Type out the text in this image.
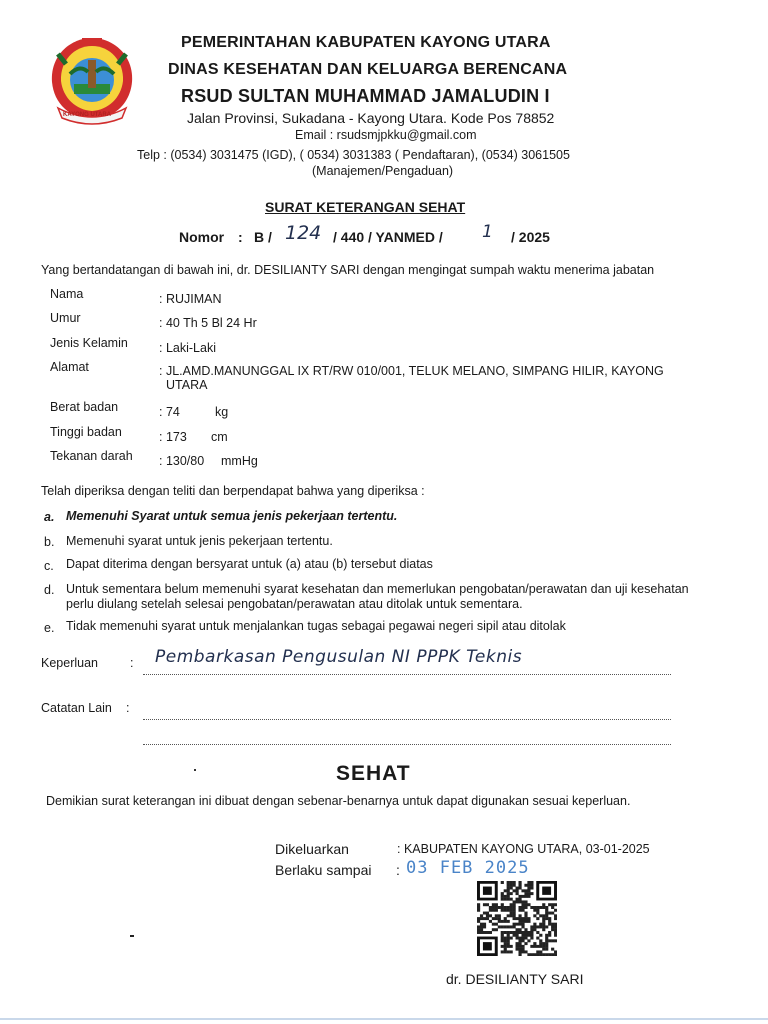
KAYONG UTARA
PEMERINTAHAN KABUPATEN KAYONG UTARA
DINAS KESEHATAN DAN KELUARGA BERENCANA
RSUD SULTAN MUHAMMAD JAMALUDIN I
Jalan Provinsi, Sukadana - Kayong Utara. Kode Pos 78852
Email : rsudsmjpkku@gmail.com
Telp : (0534) 3031475 (IGD), ( 0534) 3031383 ( Pendaftaran), (0534) 3061505
(Manajemen/Pengaduan)
SURAT KETERANGAN SEHAT
Nomor : B / 124 / 440 / YANMED / 1 / 2025
Yang bertandatangan di bawah ini, dr. DESILIANTY SARI dengan mengingat sumpah waktu menerima jabatan
Nama	: RUJIMAN
Umur	: 40 Th 5 Bl 24 Hr
Jenis Kelamin : Laki-Laki
Alamat	: JL.AMD.MANUNGGAL IX RT/RW 010/001, TELUK MELANO, SIMPANG HILIR, KAYONG
UTARA
Berat badan	: 74	kg
Tinggi badan	: 173 cm
Tekanan darah : 130/80 mmHg
Telah diperiksa dengan teliti dan berpendapat bahwa yang diperiksa :
a. Memenuhi Syarat untuk semua jenis pekerjaan tertentu.
b. Memenuhi syarat untuk jenis pekerjaan tertentu.
c. Dapat diterima dengan bersyarat untuk (a) atau (b) tersebut diatas
d. Untuk sementara belum memenuhi syarat kesehatan dan memerlukan pengobatan/perawatan dan uji kesehatan
perlu diulang setelah selesai pengobatan/perawatan atau ditolak untuk sementara.
e. Tidak memenuhi syarat untuk menjalankan tugas sebagai pegawai negeri sipil atau ditolak
Keperluan	: Pembarkasan Pengusulan NI PPPK Teknis
Catatan Lain :
SEHAT
Demikian surat keterangan ini dibuat dengan sebenar-benarnya untuk dapat digunakan sesuai keperluan.
Dikeluarkan	: KABUPATEN KAYONG UTARA, 03-01-2025
Berlaku sampai : 03 FEB 2025
dr. DESILIANTY SARI
